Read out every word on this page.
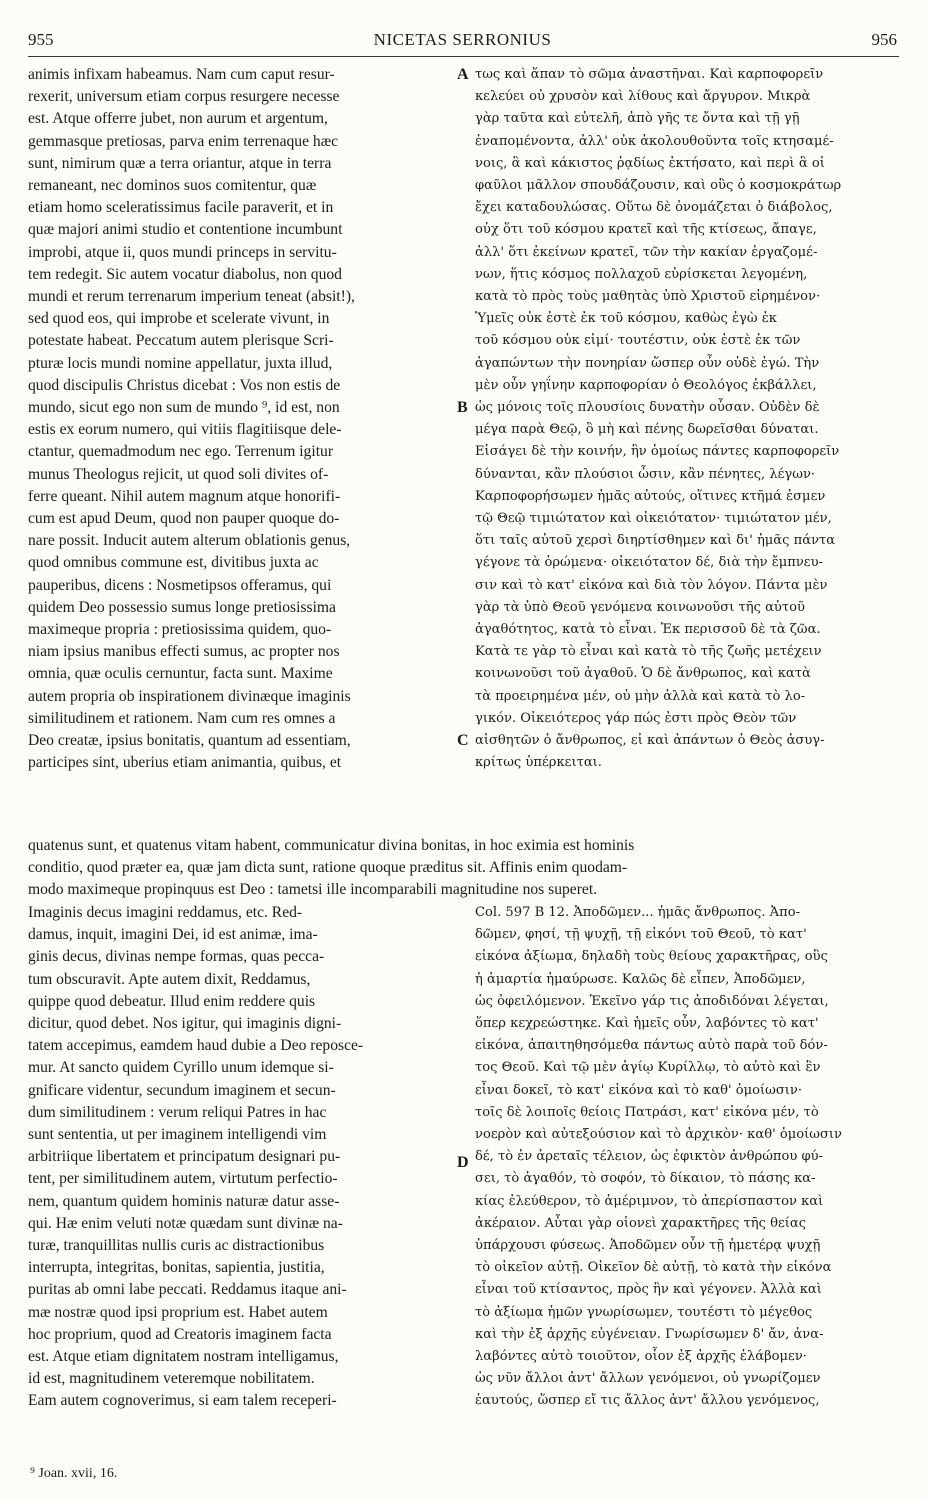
955	NICETAS SERRONIUS	956
animis infixam habeamus. Nam cum caput resur-
rexerit, universum etiam corpus resurgere necesse
est. Atque offerre jubet, non aurum et argentum,
gemmasque pretiosas, parva enim terrenaque hæc
sunt, nimirum quæ a terra oriantur, atque in terra
remaneant, nec dominos suos comitentur, quæ
etiam homo sceleratissimus facile paraverit, et in
quæ majori animi studio et contentione incumbunt
improbi, atque ii, quos mundi princeps in servitu-
tem redegit. Sic autem vocatur diabolus, non quod
mundi et rerum terrenarum imperium teneat (absit!),
sed quod eos, qui improbe et scelerate vivunt, in
potestate habeat. Peccatum autem plerisque Scri-
pturæ locis mundi nomine appellatur, juxta illud,
quod discipulis Christus dicebat : Vos non estis de
mundo, sicut ego non sum de mundo ⁹, id est, non
estis ex eorum numero, qui vitiis flagitiisque dele-
ctantur, quemadmodum nec ego. Terrenum igitur
munus Theologus rejicit, ut quod soli divites of-
ferre queant. Nihil autem magnum atque honorifi-
cum est apud Deum, quod non pauper quoque do-
nare possit. Inducit autem alterum oblationis genus,
quod omnibus commune est, divitibus juxta ac
pauperibus, dicens : Nosmetipsos offeramus, qui
quidem Deo possessio sumus longe pretiosissima
maximeque propria : pretiosissima quidem, quo-
niam ipsius manibus effecti sumus, ac propter nos
omnia, quæ oculis cernuntur, facta sunt. Maxime
autem propria ob inspirationem divinæque imaginis
similitudinem et rationem. Nam cum res omnes a
Deo creatæ, ipsius bonitatis, quantum ad essentiam,
participes sint, uberius etiam animantia, quibus, et
τως καὶ ἅπαν τὸ σῶμα ἀναστῆναι. Καὶ καρποφορεῖν
κελεύει οὐ χρυσὸν καὶ λίθους καὶ ἄργυρον. Μικρὰ
γὰρ ταῦτα καὶ εὐτελῆ, ἀπὸ γῆς τε ὄντα καὶ τῇ γῇ
ἐναπομένοντα, ἀλλ' οὐκ ἀκολουθοῦντα τοῖς κτησαμέ-
νοις, ἃ καὶ κάκιστος ῥᾳδίως ἐκτήσατο, καὶ περὶ ἃ οἱ
φαῦλοι μᾶλλον σπουδάζουσιν, καὶ οὓς ὁ κοσμοκράτωρ
ἔχει καταδουλώσας. Οὕτω δὲ ὀνομάζεται ὁ διάβολος,
οὐχ ὅτι τοῦ κόσμου κρατεῖ καὶ τῆς κτίσεως, ἄπαγε,
ἀλλ' ὅτι ἐκείνων κρατεῖ, τῶν τὴν κακίαν ἐργαζομέ-
νων, ἥτις κόσμος πολλαχοῦ εὑρίσκεται λεγομένη,
κατὰ τὸ πρὸς τοὺς μαθητὰς ὑπὸ Χριστοῦ εἰρημένον·
Ὑμεῖς οὐκ ἐστὲ ἐκ τοῦ κόσμου, καθὼς ἐγὼ ἐκ
τοῦ κόσμου οὐκ εἰμί· τουτέστιν, οὐκ ἐστὲ ἐκ τῶν
ἀγαπώντων τὴν πονηρίαν ὥσπερ οὖν οὐδὲ ἐγώ. Τὴν
μὲν οὖν γηΐνην καρποφορίαν ὁ Θεολόγος ἐκβάλλει,
ὡς μόνοις τοῖς πλουσίοις δυνατὴν οὖσαν. Οὐδὲν δὲ
μέγα παρὰ Θεῷ, ὃ μὴ καὶ πένης δωρεῖσθαι δύναται.
Εἰσάγει δὲ τὴν κοινήν, ἣν ὁμοίως πάντες καρποφορεῖν
δύνανται, κἂν πλούσιοι ὦσιν, κἂν πένητες, λέγων·
Καρποφορήσωμεν ἡμᾶς αὐτούς, οἵτινες κτῆμά ἐσμεν
τῷ Θεῷ τιμιώτατον καὶ οἰκειότατον· τιμιώτατον μέν,
ὅτι ταῖς αὐτοῦ χερσὶ διηρτίσθημεν καὶ δι' ἡμᾶς πάντα
γέγονε τὰ ὁρώμενα· οἰκειότατον δέ, διὰ τὴν ἔμπνευ-
σιν καὶ τὸ κατ' εἰκόνα καὶ διὰ τὸν λόγον. Πάντα μὲν
γὰρ τὰ ὑπὸ Θεοῦ γενόμενα κοινωνοῦσι τῆς αὐτοῦ
ἀγαθότητος, κατὰ τὸ εἶναι. Ἐκ περισσοῦ δὲ τὰ ζῶα.
Κατὰ τε γὰρ τὸ εἶναι καὶ κατὰ τὸ τῆς ζωῆς μετέχειν
κοινωνοῦσι τοῦ ἀγαθοῦ. Ὁ δὲ ἄνθρωπος, καὶ κατὰ
τὰ προειρημένα μέν, οὐ μὴν ἀλλὰ καὶ κατὰ τὸ λο-
γικόν. Οἰκειότερος γάρ πώς ἐστι πρὸς Θεὸν τῶν
αἰσθητῶν ὁ ἄνθρωπος, εἰ καὶ ἁπάντων ὁ Θεὸς ἀσυγ-
κρίτως ὑπέρκειται.
quatenus sunt, et quatenus vitam habent, communicatur divina bonitas, in hoc eximia est hominis
conditio, quod præter ea, quæ jam dicta sunt, ratione quoque præditus sit. Affinis enim quodam-
modo maximeque propinquus est Deo : tametsi ille incomparabili magnitudine nos superet.
Imaginis decus imagini reddamus, etc. Red-
damus, inquit, imagini Dei, id est animæ, ima-
ginis decus, divinas nempe formas, quas pecca-
tum obscuravit. Apte autem dixit, Reddamus,
quippe quod debeatur. Illud enim reddere quis
dicitur, quod debet. Nos igitur, qui imaginis digni-
tatem accepimus, eamdem haud dubie a Deo reposce-
mur. At sancto quidem Cyrillo unum idemque si-
gnificare videntur, secundum imaginem et secun-
dum similitudinem : verum reliqui Patres in hac
sunt sententia, ut per imaginem intelligendi vim
arbitriique libertatem et principatum designari pu-
tent, per similitudinem autem, virtutum perfectio-
nem, quantum quidem hominis naturæ datur asse-
qui. Hæ enim veluti notæ quædam sunt divinæ na-
turæ, tranquillitas nullis curis ac distractionibus
interrupta, integritas, bonitas, sapientia, justitia,
puritas ab omni labe peccati. Reddamus itaque ani-
mæ nostræ quod ipsi proprium est. Habet autem
hoc proprium, quod ad Creatoris imaginem facta
est. Atque etiam dignitatem nostram intelligamus,
id est, magnitudinem veteremque nobilitatem.
Eam autem cognoverimus, si eam talem receperi-
Col. 597 B 12. Ἀποδῶμεν... ἡμᾶς ἄνθρωπος. Ἀπο-
δῶμεν, φησί, τῇ ψυχῇ, τῇ εἰκόνι τοῦ Θεοῦ, τὸ κατ'
εἰκόνα ἀξίωμα, δηλαδὴ τοὺς θείους χαρακτῆρας, οὓς
ἡ ἁμαρτία ἠμαύρωσε. Καλῶς δὲ εἶπεν, Ἀποδῶμεν,
ὡς ὀφειλόμενον. Ἐκεῖνο γάρ τις ἀποδιδόναι λέγεται,
ὅπερ κεχρεώστηκε. Καὶ ἡμεῖς οὖν, λαβόντες τὸ κατ'
εἰκόνα, ἀπαιτηθησόμεθα πάντως αὐτὸ παρὰ τοῦ δόν-
τος Θεοῦ. Καὶ τῷ μὲν ἁγίῳ Κυρίλλῳ, τὸ αὐτὸ καὶ ἓν
εἶναι δοκεῖ, τὸ κατ' εἰκόνα καὶ τὸ καθ' ὁμοίωσιν·
τοῖς δὲ λοιποῖς θείοις Πατράσι, κατ' εἰκόνα μέν, τὸ
νοερὸν καὶ αὐτεξούσιον καὶ τὸ ἀρχικὸν· καθ' ὁμοίωσιν
δέ, τὸ ἐν ἀρεταῖς τέλειον, ὡς ἐφικτὸν ἀνθρώπου φύ-
σει, τὸ ἀγαθόν, τὸ σοφόν, τὸ δίκαιον, τὸ πάσης κα-
κίας ἐλεύθερον, τὸ ἀμέριμνον, τὸ ἀπερίσπαστον καὶ
ἀκέραιον. Αὗται γὰρ οἱονεὶ χαρακτῆρες τῆς θείας
ὑπάρχουσι φύσεως. Ἀποδῶμεν οὖν τῇ ἡμετέρᾳ ψυχῇ
τὸ οἰκεῖον αὐτῇ. Οἰκεῖον δὲ αὐτῇ, τὸ κατὰ τὴν εἰκόνα
εἶναι τοῦ κτίσαντος, πρὸς ἣν καὶ γέγονεν. Ἀλλὰ καὶ
τὸ ἀξίωμα ἡμῶν γνωρίσωμεν, τουτέστι τὸ μέγεθος
καὶ τὴν ἐξ ἀρχῆς εὐγένειαν. Γνωρίσωμεν δ' ἄν, ἀνα-
λαβόντες αὐτὸ τοιοῦτον, οἷον ἐξ ἀρχῆς ἐλάβομεν·
ὡς νῦν ἄλλοι ἀντ' ἄλλων γενόμενοι, οὐ γνωρίζομεν
ἑαυτούς, ὥσπερ εἴ τις ἄλλος ἀντ' ἄλλου γενόμενος,
A
B
C
D
⁹ Joan. xvii, 16.
